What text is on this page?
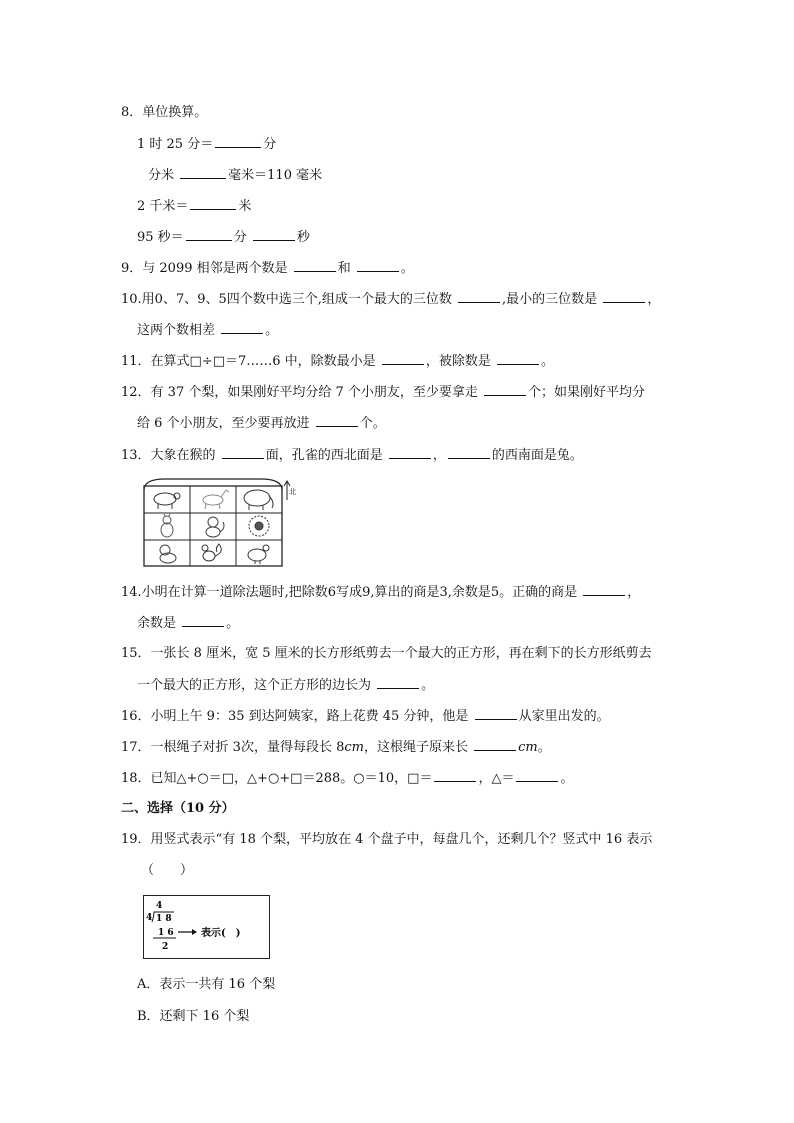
8．单位换算。
1 时 25 分＝	分
分米	毫米＝110 毫米
2 千米＝	米
95 秒＝	分	秒
9．与 2099 相邻是两个数是	和	。
10.用0、7、9、5四个数中选三个,组成一个最大的三位数	,最小的三位数是	，
这两个数相差	。
11．在算式□÷□＝7……6 中，除数最小是	，被除数是	。
12．有 37 个梨，如果刚好平均分给 7 个小朋友，至少要拿走	个；如果刚好平均分
给 6 个小朋友，至少要再放进	个。
13．大象在猴的	面，孔雀的西北面是	，	的西南面是兔。
北
14.小明在计算一道除法题时,把除数6写成9,算出的商是3,余数是5。正确的商是	，
余数是	。
15．一张长 8 厘米，宽 5 厘米的长方形纸剪去一个最大的正方形，再在剩下的长方形纸剪去
一个最大的正方形，这个正方形的边长为	。
16．小明上午 9：35 到达阿姨家，路上花费 45 分钟，他是	从家里出发的。
17．一根绳子对折 3次，量得每段长 8cm，这根绳子原来长	cm。
18．已知△+○＝□，△+○+□＝288。○＝10，□＝	，△＝	。
二、选择（10 分）
19．用竖式表示“有 18 个梨，平均放在 4 个盘子中，每盘几个，还剩几个？竖式中 16 表示
（　　）
4
4 1 8
1 6
2
表示(　)
A．表示一共有 16 个梨
B．还剩下 16 个梨
